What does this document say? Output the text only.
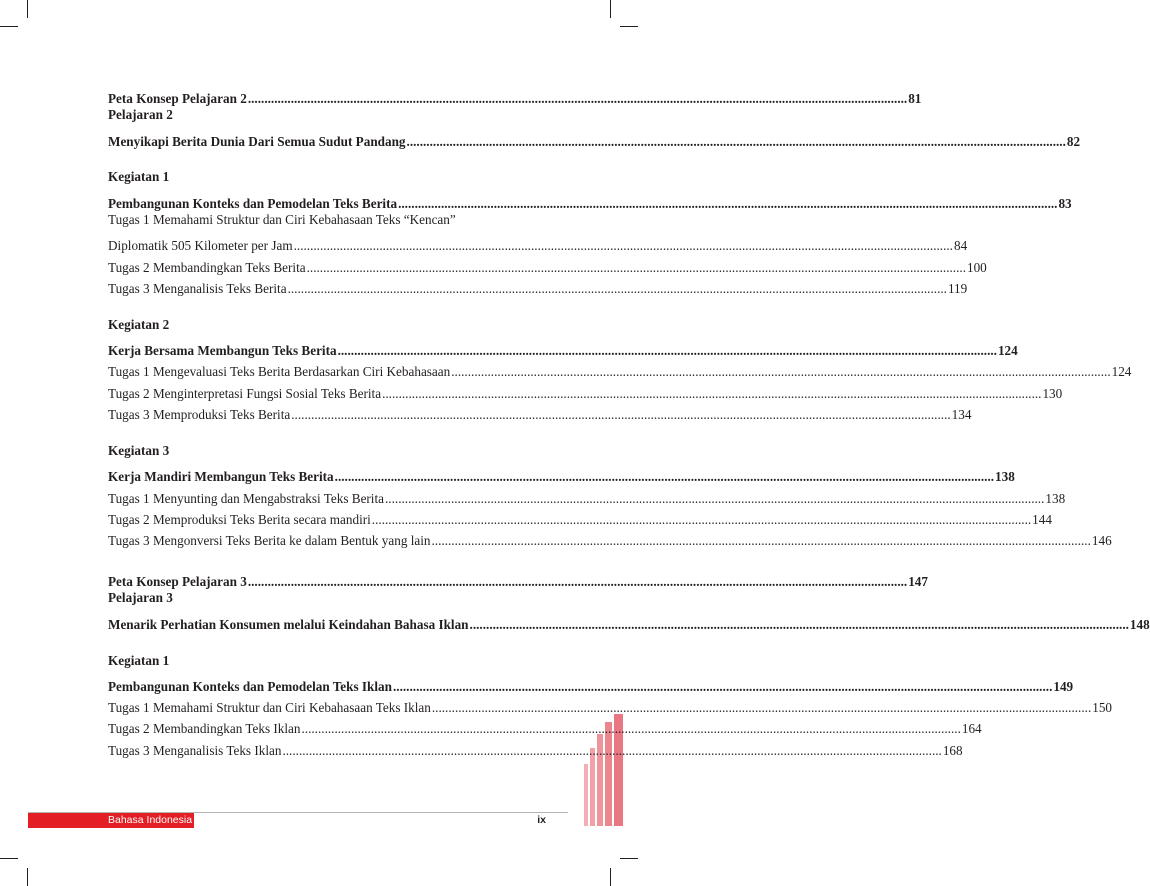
Peta Konsep Pelajaran 2 ........................................................................................................................................................................................................ 81
Pelajaran 2
Menyikapi Berita Dunia Dari Semua Sudut Pandang ........................................................................................................................................................................................................ 82
Kegiatan 1
Pembangunan Konteks dan Pemodelan Teks Berita ........................................................................................................................................................................................................ 83
Tugas 1 Memahami Struktur dan Ciri Kebahasaan Teks “Kencan”
Diplomatik 505 Kilometer per Jam ........................................................................................................................................................................................................ 84
Tugas 2 Membandingkan Teks Berita ........................................................................................................................................................................................................ 100
Tugas 3 Menganalisis Teks Berita ........................................................................................................................................................................................................ 119
Kegiatan 2
Kerja Bersama Membangun Teks Berita ........................................................................................................................................................................................................ 124
Tugas 1 Mengevaluasi Teks Berita Berdasarkan Ciri Kebahasaan ........................................................................................................................................................................................................ 124
Tugas 2 Menginterpretasi Fungsi Sosial Teks Berita ........................................................................................................................................................................................................ 130
Tugas 3 Memproduksi Teks Berita ........................................................................................................................................................................................................ 134
Kegiatan 3
Kerja Mandiri Membangun Teks Berita ........................................................................................................................................................................................................ 138
Tugas 1 Menyunting dan Mengabstraksi Teks Berita ........................................................................................................................................................................................................ 138
Tugas 2 Memproduksi Teks Berita secara mandiri ........................................................................................................................................................................................................ 144
Tugas 3 Mengonversi Teks Berita ke dalam Bentuk yang lain ........................................................................................................................................................................................................ 146
Peta Konsep Pelajaran 3 ........................................................................................................................................................................................................ 147
Pelajaran 3
Menarik Perhatian Konsumen melalui Keindahan Bahasa Iklan ........................................................................................................................................................................................................ 148
Kegiatan 1
Pembangunan Konteks dan Pemodelan Teks Iklan ........................................................................................................................................................................................................ 149
Tugas 1 Memahami Struktur dan Ciri Kebahasaan Teks Iklan ........................................................................................................................................................................................................ 150
Tugas 2 Membandingkan Teks Iklan ........................................................................................................................................................................................................ 164
Tugas 3 Menganalisis Teks Iklan ........................................................................................................................................................................................................ 168
Bahasa Indonesia	ix
